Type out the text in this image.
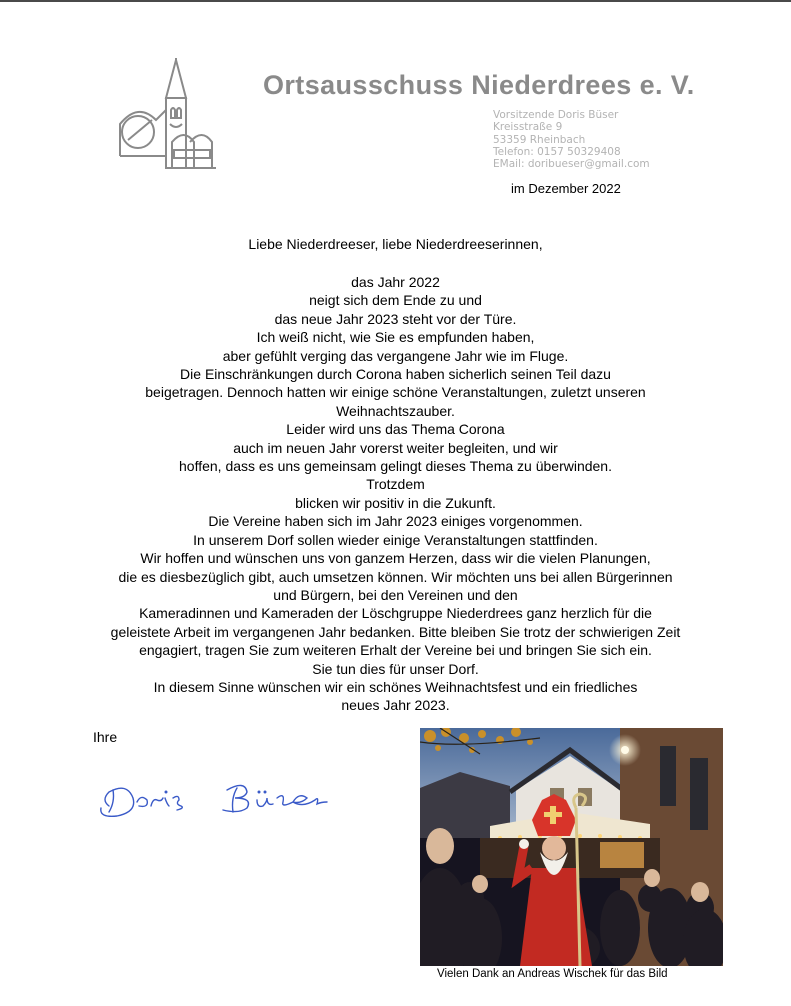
Ortsausschuss Niederdrees e. V.
Vorsitzende Doris Büser
Kreisstraße 9
53359 Rheinbach
Telefon: 0157 50329408
EMail: doribueser@gmail.com
im Dezember 2022
Liebe Niederdreeser, liebe Niederdreeserinnen,
das Jahr 2022
neigt sich dem Ende zu und
das neue Jahr 2023 steht vor der Türe.
Ich weiß nicht, wie Sie es empfunden haben,
aber gefühlt verging das vergangene Jahr wie im Fluge.
Die Einschränkungen durch Corona haben sicherlich seinen Teil dazu
beigetragen. Dennoch hatten wir einige schöne Veranstaltungen, zuletzt unseren
Weihnachtszauber.
Leider wird uns das Thema Corona
auch im neuen Jahr vorerst weiter begleiten, und wir
hoffen, dass es uns gemeinsam gelingt dieses Thema zu überwinden.
Trotzdem
blicken wir positiv in die Zukunft.
Die Vereine haben sich im Jahr 2023 einiges vorgenommen.
In unserem Dorf sollen wieder einige Veranstaltungen stattfinden.
Wir hoffen und wünschen uns von ganzem Herzen, dass wir die vielen Planungen,
die es diesbezüglich gibt, auch umsetzen können. Wir möchten uns bei allen Bürgerinnen
und Bürgern, bei den Vereinen und den
Kameradinnen und Kameraden der Löschgruppe Niederdrees ganz herzlich für die
geleistete Arbeit im vergangenen Jahr bedanken. Bitte bleiben Sie trotz der schwierigen Zeit
engagiert, tragen Sie zum weiteren Erhalt der Vereine bei und bringen Sie sich ein.
Sie tun dies für unser Dorf.
In diesem Sinne wünschen wir ein schönes Weihnachtsfest und ein friedliches
neues Jahr 2023.
Ihre
Vielen Dank an Andreas Wischek für das Bild
